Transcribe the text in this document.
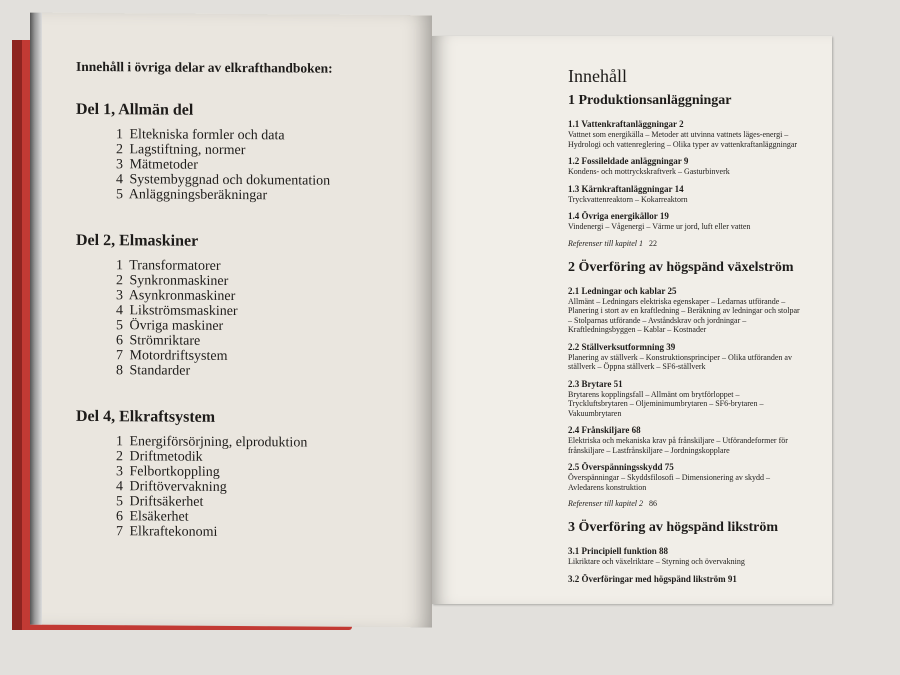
Innehåll i övriga delar av elkrafthandboken:
Del 1, Allmän del
1 Eltekniska formler och data
2 Lagstiftning, normer
3 Mätmetoder
4 Systembyggnad och dokumentation
5 Anläggningsberäkningar
Del 2, Elmaskiner
1 Transformatorer
2 Synkronmaskiner
3 Asynkronmaskiner
4 Likströmsmaskiner
5 Övriga maskiner
6 Strömriktare
7 Motordriftsystem
8 Standarder
Del 4, Elkraftsystem
1 Energiförsörjning, elproduktion
2 Driftmetodik
3 Felbortkoppling
4 Driftövervakning
5 Driftsäkerhet
6 Elsäkerhet
7 Elkraftekonomi
Innehåll
1 Produktionsanläggningar
1.1 Vattenkraftanläggningar 2
Vattnet som energikälla – Metoder att utvinna vattnets läges-energi – Hydrologi och vattenreglering – Olika typer av vattenkraftanläggningar
1.2 Fossileldade anläggningar 9
Kondens- och mottryckskraftverk – Gasturbinverk
1.3 Kärnkraftanläggningar 14
Tryckvattenreaktorn – Kokarreaktorn
1.4 Övriga energikällor 19
Vindenergi – Vågenergi – Värme ur jord, luft eller vatten
Referenser till kapitel 1 22
2 Överföring av högspänd växelström
2.1 Ledningar och kablar 25
Allmänt – Ledningars elektriska egenskaper – Ledarnas utförande – Planering i stort av en kraftledning – Beräkning av ledningar och stolpar – Stolparnas utförande – Avståndskrav och jordningar – Kraftledningsbyggen – Kablar – Kostnader
2.2 Ställverksutformning 39
Planering av ställverk – Konstruktionsprinciper – Olika utföranden av ställverk – Öppna ställverk – SF6-ställverk
2.3 Brytare 51
Brytarens kopplingsfall – Allmänt om brytförloppet – Tryckluftsbrytaren – Oljeminimumbrytaren – SF6-brytaren – Vakuumbrytaren
2.4 Frånskiljare 68
Elektriska och mekaniska krav på frånskiljare – Utförandeformer för frånskiljare – Lastfrånskiljare – Jordningskopplare
2.5 Överspänningsskydd 75
Överspänningar – Skyddsfilosofi – Dimensionering av skydd – Avledarens konstruktion
Referenser till kapitel 2 86
3 Överföring av högspänd likström
3.1 Principiell funktion 88
Likriktare och växelriktare – Styrning och övervakning
3.2 Överföringar med högspänd likström 91
